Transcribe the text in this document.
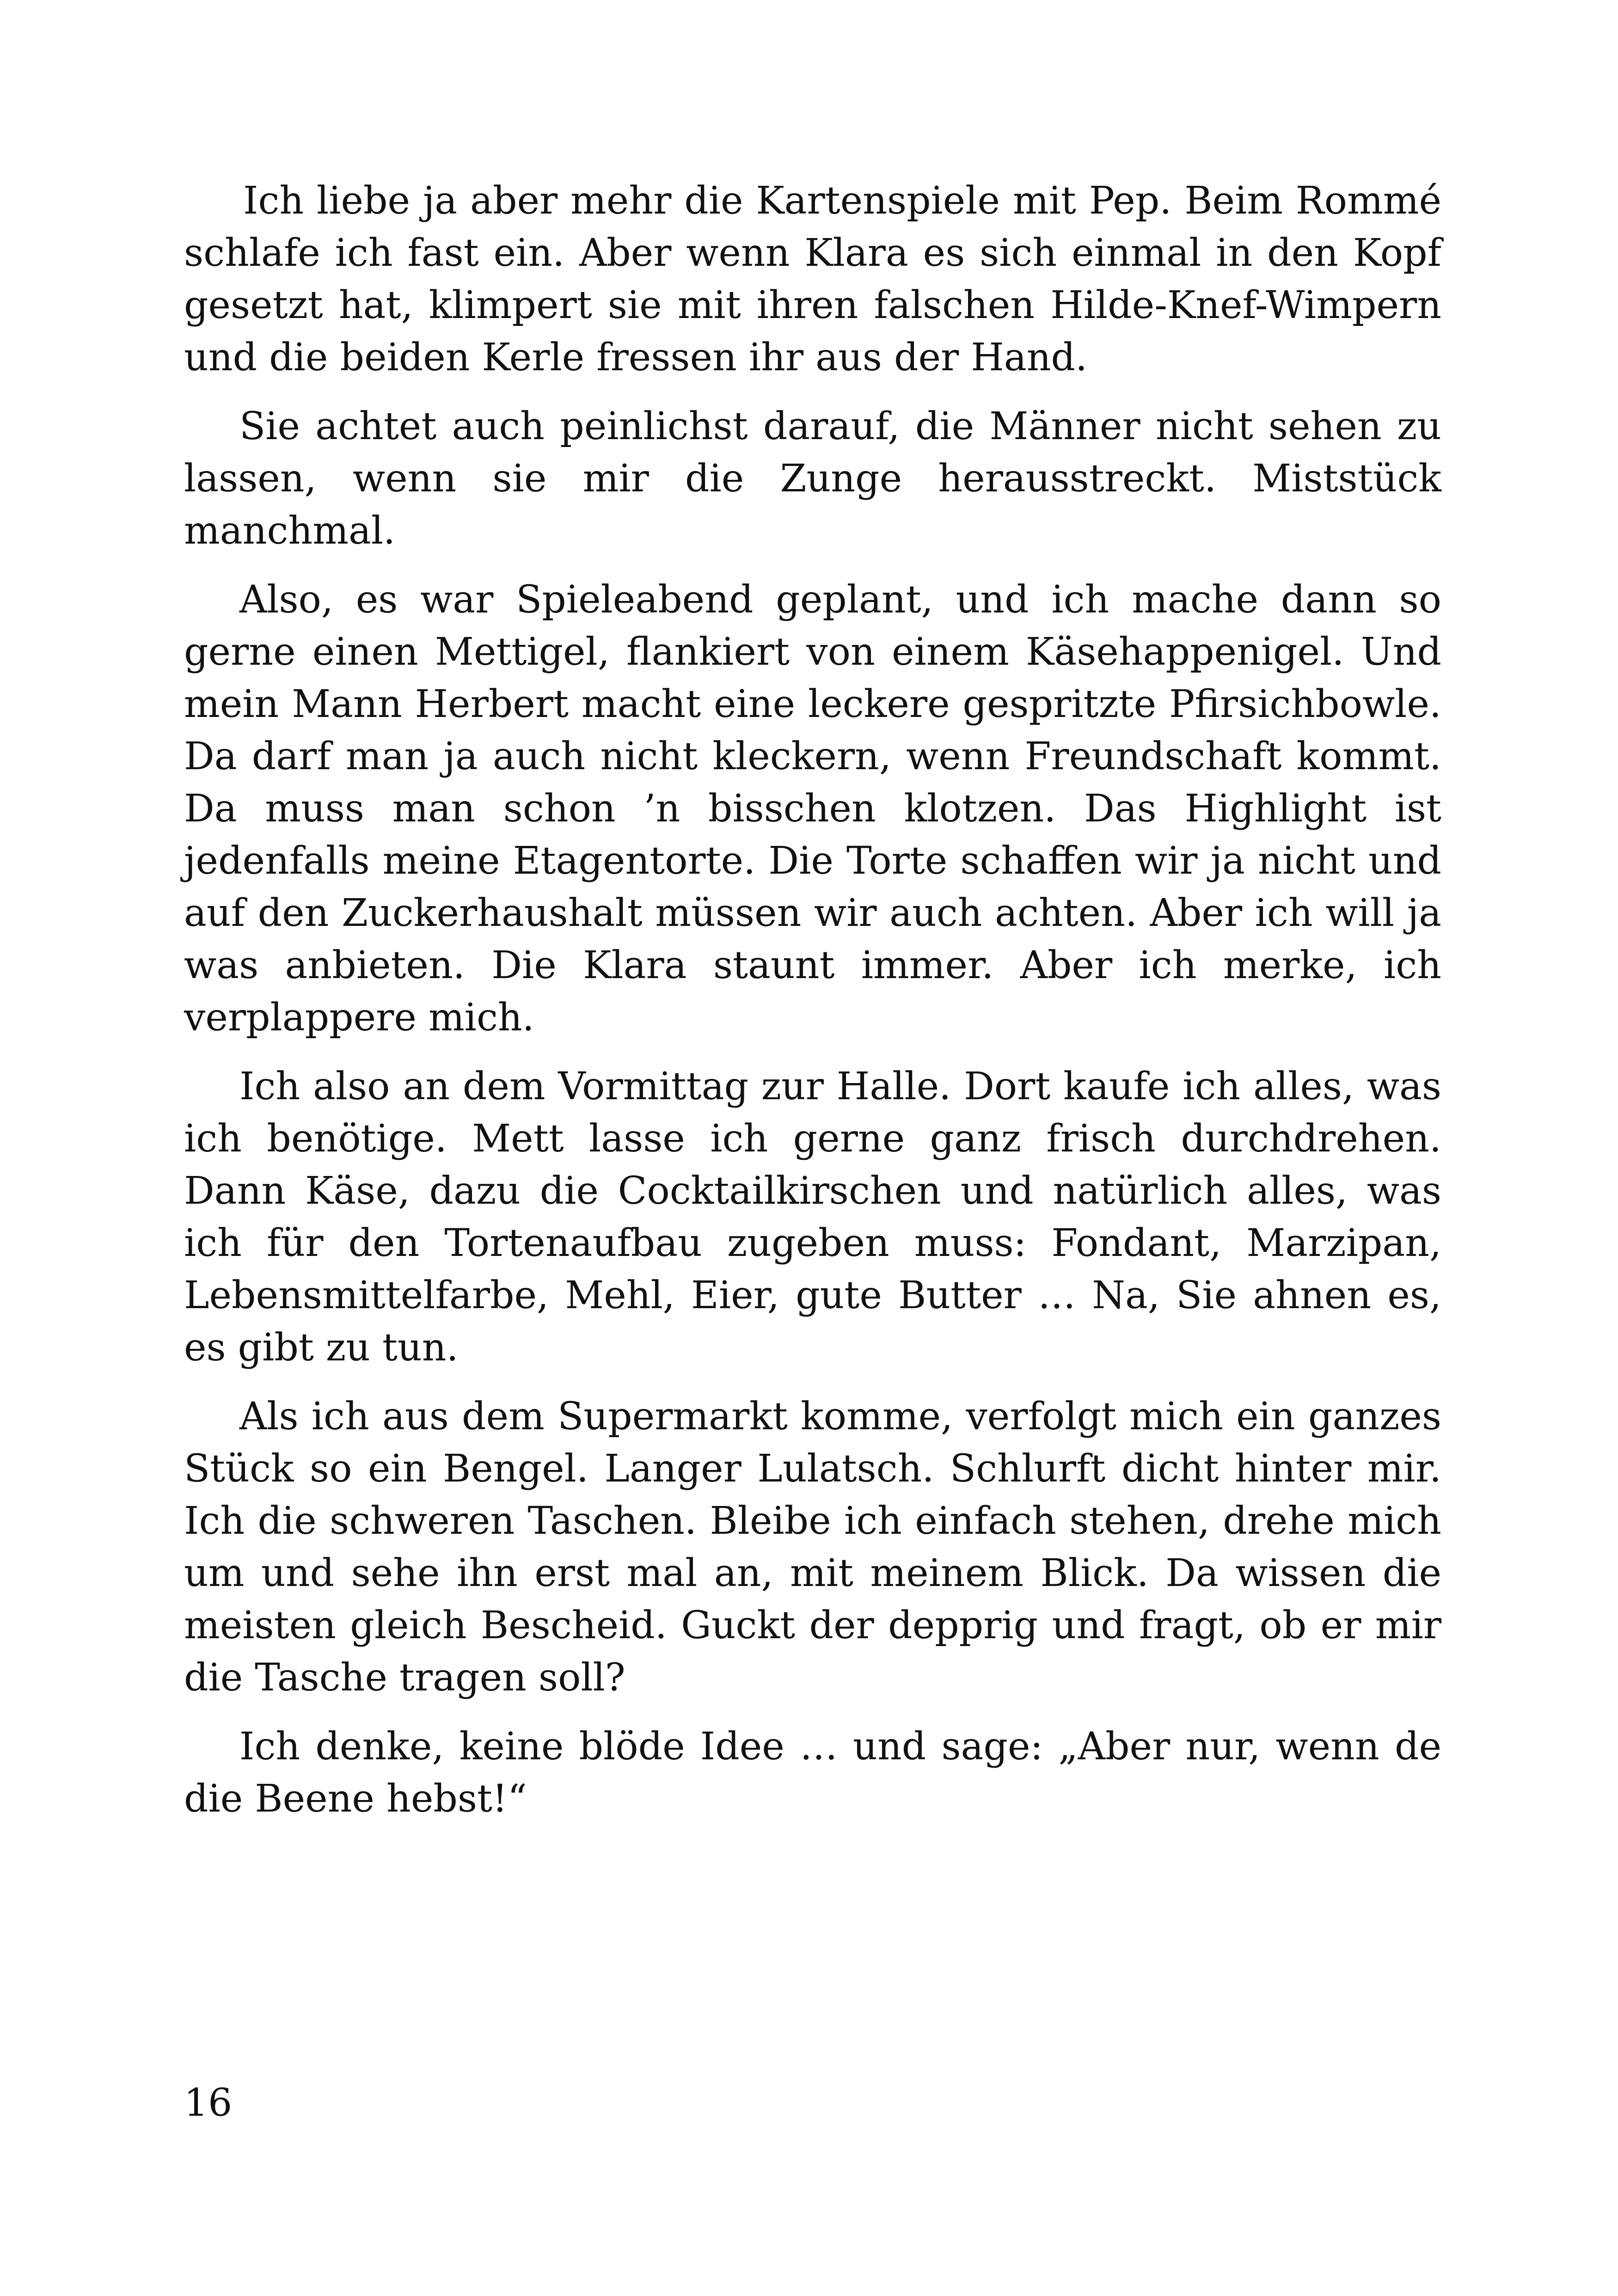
Ich liebe ja aber mehr die Kartenspiele mit Pep. Beim Rommé schlafe ich fast ein. Aber wenn Klara es sich einmal in den Kopf gesetzt hat, klimpert sie mit ihren falschen Hilde-Knef-Wimpern und die beiden Kerle fressen ihr aus der Hand.

Sie achtet auch peinlichst darauf, die Männer nicht sehen zu lassen, wenn sie mir die Zunge herausstreckt. Miststück manchmal.

Also, es war Spieleabend geplant, und ich mache dann so gerne einen Mettigel, flankiert von einem Käsehappenigel. Und mein Mann Herbert macht eine leckere gespritzte Pfirsichbowle. Da darf man ja auch nicht kleckern, wenn Freundschaft kommt. Da muss man schon ’n bisschen klotzen. Das Highlight ist jedenfalls meine Etagentorte. Die Torte schaffen wir ja nicht und auf den Zuckerhaushalt müssen wir auch achten. Aber ich will ja was anbieten. Die Klara staunt immer. Aber ich merke, ich verplappere mich.

Ich also an dem Vormittag zur Halle. Dort kaufe ich alles, was ich benötige. Mett lasse ich gerne ganz frisch durchdrehen. Dann Käse, dazu die Cocktailkirschen und natürlich alles, was ich für den Tortenaufbau zugeben muss: Fondant, Marzipan, Lebensmittelfarbe, Mehl, Eier, gute Butter … Na, Sie ahnen es, es gibt zu tun.

Als ich aus dem Supermarkt komme, verfolgt mich ein ganzes Stück so ein Bengel. Langer Lulatsch. Schlurft dicht hinter mir. Ich die schweren Taschen. Bleibe ich einfach stehen, drehe mich um und sehe ihn erst mal an, mit meinem Blick. Da wissen die meisten gleich Bescheid. Guckt der depprig und fragt, ob er mir die Tasche tragen soll?

Ich denke, keine blöde Idee … und sage: „Aber nur, wenn de die Beene hebst!“

16
